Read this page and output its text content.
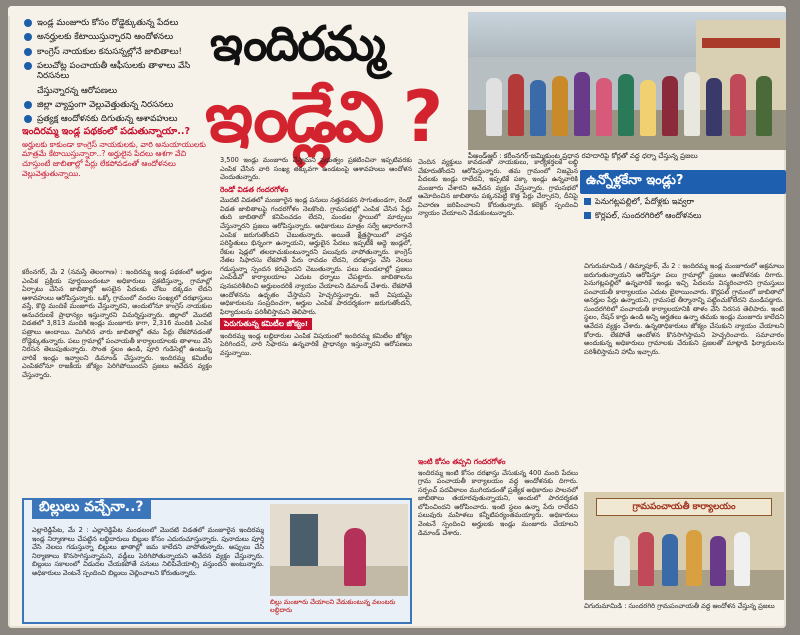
ఇండ్ల మంజూరు కోసం రోడ్డెక్కుతున్న పేదలు
అనర్హులకు కేటాయిస్తున్నారని ఆందోళనలు
కాంగ్రెస్ నాయకుల కనుసన్నల్లోనే జాబితాలు!
పలుచోట్ల పంచాయతీ ఆఫీసులకు తాళాలు వేసి నిరసనలు
చేస్తున్నారన్న ఆరోపణలు
జిల్లా వ్యాప్తంగా వెల్లువెత్తుతున్న నిరసనలు
ప్రత్యక్ష ఆందోళనకు దిగుతున్న ఆశావహులు
ఇందిరమ్మ
ఇండ్లేవి ?	పీఅండ్‌ఆర్ : కరీంనగర్‌-జమ్మికుంట ప్రధాన రహదారిపై కోర్లతో వద్ద ధర్నా చేస్తున్న ప్రజలు
ఇందిరమ్మ ఇండ్ల పథకంలో పడుతున్నాయా..?
అర్హులకు కాకుండా కాంగ్రెస్ నాయకులకు, వారి అనుయాయులకు మాత్రమే కేటాయిస్తున్నారా..? అర్హులైన పేదలు ఆశగా వేచి చూస్తుంటే జాబితాల్లో పేర్లు లేకపోవడంతో ఆందోళనలు వెల్లువెత్తుతున్నాయి.
కరీంనగర్, మే 2 (నమస్తే తెలంగాణ) : ఇందిరమ్మ ఇండ్ల పథకంలో అర్హుల ఎంపిక ప్రక్రియ పూర్తయిందంటూ అధికారులు ప్రకటిస్తున్నా, గ్రామాల్లో ఏర్పాటు చేసిన జాబితాల్లో అసలైన పేదలకు చోటు దక్కడం లేదని ఆశావహులు ఆరోపిస్తున్నారు. ఒక్కో గ్రామంలో వందల సంఖ్యలో దరఖాస్తులు వస్తే, కొద్ది మందికే మంజూరు చేస్తున్నారని, అందులోనూ కాంగ్రెస్ నాయకుల అనుచరులకే ప్రాధాన్యం ఇస్తున్నారని విమర్శిస్తున్నారు. జిల్లాలో మొదటి విడతలో 3,813 మందికి ఇండ్లు మంజూరు కాగా, 2,316 మందికి ఎంపిక పత్రాలు అందాయి. మిగిలిన వారు జాబితాల్లో తమ పేర్లు లేకపోవడంతో రోడ్డెక్కుతున్నారు. పలు గ్రామాల్లో పంచాయతీ కార్యాలయాలకు తాళాలు వేసి నిరసన తెలుపుతున్నారు. సొంత స్థలం ఉండి, పూరి గుడిసెల్లో ఉంటున్న వారికే ఇండ్లు ఇవ్వాలని డిమాండ్ చేస్తున్నారు. ఇందిరమ్మ కమిటీల ఎంపికలోనూ రాజకీయ జోక్యం పెరిగిపోయిందని ప్రజలు ఆవేదన వ్యక్తం చేస్తున్నారు.
3,500 ఇండ్లు మంజూరు చేస్తామని ప్రభుత్వం ప్రకటించినా ఇప్పటివరకు ఎంపిక చేసిన వారి సంఖ్య తక్కువగా ఉండటంపై ఆశావహులు ఆందోళన చెందుతున్నారు.
రెండో విడత గందరగోళం
మొదటి విడతలో మంజూరైన ఇండ్ల పనులు నత్తనడకన సాగుతుండగా, రెండో విడత జాబితాలపై గందరగోళం నెలకొంది. గ్రామసభల్లో ఎంపిక చేసిన పేర్లు తుది జాబితాలో కనిపించడం లేదని, మండల స్థాయిలో మార్పులు చేస్తున్నారని ప్రజలు ఆరోపిస్తున్నారు. అధికారులు మాత్రం సర్వే ఆధారంగానే ఎంపిక జరుగుతోందని చెబుతున్నారు. అయితే క్షేత్రస్థాయిలో వాస్తవ పరిస్థితులు భిన్నంగా ఉన్నాయని, అర్హులైన పేదలు ఇప్పటికీ అద్దె ఇండ్లలో, రేకుల షెడ్లలో తలదాచుకుంటున్నారని పలువురు వాపోతున్నారు. కాంగ్రెస్ నేతల సిఫారసు లేకపోతే పేరు రావడం లేదని, దరఖాస్తు చేసి నెలలు గడుస్తున్నా స్పందన కరువైందని చెబుతున్నారు. పలు మండలాల్లో ప్రజలు ఎంపీడీవో కార్యాలయాల ఎదుట ధర్నాలు చేపట్టారు. జాబితాలను పునఃపరిశీలించి అర్హులందరికీ న్యాయం చేయాలని డిమాండ్ చేశారు. లేకపోతే ఆందోళనను ఉధృతం చేస్తామని హెచ్చరిస్తున్నారు. ఇదే విషయమై అధికారులను సంప్రదించగా, అర్హుల ఎంపిక పారదర్శకంగా జరుగుతోందని, ఫిర్యాదులను పరిశీలిస్తామని తెలిపారు.
పెరుగుతున్న కమిటీల జోక్యం!
ఇందిరమ్మ ఇండ్ల లబ్ధిదారుల ఎంపిక విషయంలో ఇందిరమ్మ కమిటీల జోక్యం పెరిగిందని, వారి సిఫారసు ఉన్నవారికే ప్రాధాన్యం ఇస్తున్నారని ఆరోపణలు వస్తున్నాయి.
చెందిన వ్యక్తులు కావడంతో నాయకులు, కార్యకర్తలకే లబ్ధి చేకూరుతోందని ఆరోపిస్తున్నారు. తమ గ్రామంలో నిజమైన పేదలకు ఇండ్లు రాలేదని, ఇప్పటికే పక్కా ఇండ్లు ఉన్నవారికి మంజూరు చేశారని ఆవేదన వ్యక్తం చేస్తున్నారు. గ్రామసభలో ఆమోదించిన జాబితాను పక్కనపెట్టి కొత్త పేర్లు చేర్చారని, దీనిపై విచారణ జరిపించాలని కోరుతున్నారు. కలెక్టర్ స్పందించి న్యాయం చేయాలని వేడుకుంటున్నారు.
ఇంటి కోసం తప్పని గందరగోళం
ఇందిరమ్మ ఇంటి కోసం దరఖాస్తు చేసుకున్న 400 మంది పేదలు గ్రామ పంచాయతీ కార్యాలయం వద్ద ఆందోళనకు దిగారు. సర్పంచ్ పదవీకాలం ముగియడంతో ప్రత్యేక అధికారుల పాలనలో జాబితాలు తయారవుతున్నాయని, అందులో పారదర్శకత లోపించిందని ఆరోపించారు. ఇంటి స్థలం ఉన్నా పేరు రాలేదని పలువురు మహిళలు కన్నీటిపర్యంతమయ్యారు. అధికారులు వెంటనే స్పందించి అర్హులకు ఇండ్లు మంజూరు చేయాలని డిమాండ్ చేశారు.
ఉన్నోళ్లకేనా ఇండ్లు?
పెనుగట్లపల్లిలో, పేదోళ్లకు ఇవ్వరా
కొర్లపల్, సుందరగిరిలో ఆందోళనలు
చిగురుమామిడి / తిమ్మాపూర్, మే 2 : ఇందిరమ్మ ఇండ్ల మంజూరులో అక్రమాలు జరుగుతున్నాయని ఆరోపిస్తూ పలు గ్రామాల్లో ప్రజలు ఆందోళనకు దిగారు. పెనుగట్లపల్లిలో ఉన్నవారికే ఇండ్లు ఇచ్చి పేదలను విస్మరించారని గ్రామస్తులు పంచాయతీ కార్యాలయం ఎదుట బైఠాయించారు. కొర్లపల్ గ్రామంలో జాబితాలో అనర్హుల పేర్లు ఉన్నాయని, గ్రామసభ తీర్మానాన్ని పట్టించుకోలేదని మండిపడ్డారు. సుందరగిరిలో పంచాయతీ కార్యాలయానికి తాళం వేసి నిరసన తెలిపారు. ఇంటి స్థలం, రేషన్ కార్డు ఉండి అన్ని అర్హతలు ఉన్నా తమకు ఇండ్లు మంజూరు కాలేదని ఆవేదన వ్యక్తం చేశారు. ఉన్నతాధికారులు జోక్యం చేసుకుని న్యాయం చేయాలని కోరారు. లేకపోతే ఆందోళన కొనసాగిస్తామని హెచ్చరించారు. సమాచారం అందుకున్న అధికారులు గ్రామాలకు చేరుకుని ప్రజలతో మాట్లాడి ఫిర్యాదులను పరిశీలిస్తామని హామీ ఇచ్చారు.
బిల్లులు వచ్చేనా..?
ఎల్లారెడ్డిపేట, మే 2 : ఎల్లారెడ్డిపేట మండలంలో మొదటి విడతలో మంజూరైన ఇందిరమ్మ ఇండ్ల నిర్మాణాలు చేపట్టిన లబ్ధిదారులు బిల్లుల కోసం ఎదురుచూస్తున్నారు. పునాదులు పూర్తి చేసి నెలలు గడుస్తున్నా బిల్లులు ఖాతాల్లో జమ కాలేదని వాపోతున్నారు. అప్పులు చేసి నిర్మాణాలు కొనసాగిస్తున్నామని, వడ్డీలు పెరిగిపోతున్నాయని ఆవేదన వ్యక్తం చేస్తున్నారు. బిల్లులు సకాలంలో విడుదల చేయకపోతే పనులు నిలిపివేయాల్సి వస్తుందని అంటున్నారు. అధికారులు వెంటనే స్పందించి బిల్లులు చెల్లించాలని కోరుతున్నారు.
బిల్లు మంజూరు చేయాలని వేడుకుంటున్న వలంటరు లబ్ధిదారు
గ్రామపంచాయతీ కార్యాలయం
చిగురుమామిడి : సుందరగిరి గ్రామపంచాయతీ వద్ద ఆందోళన చేస్తున్న ప్రజలు
